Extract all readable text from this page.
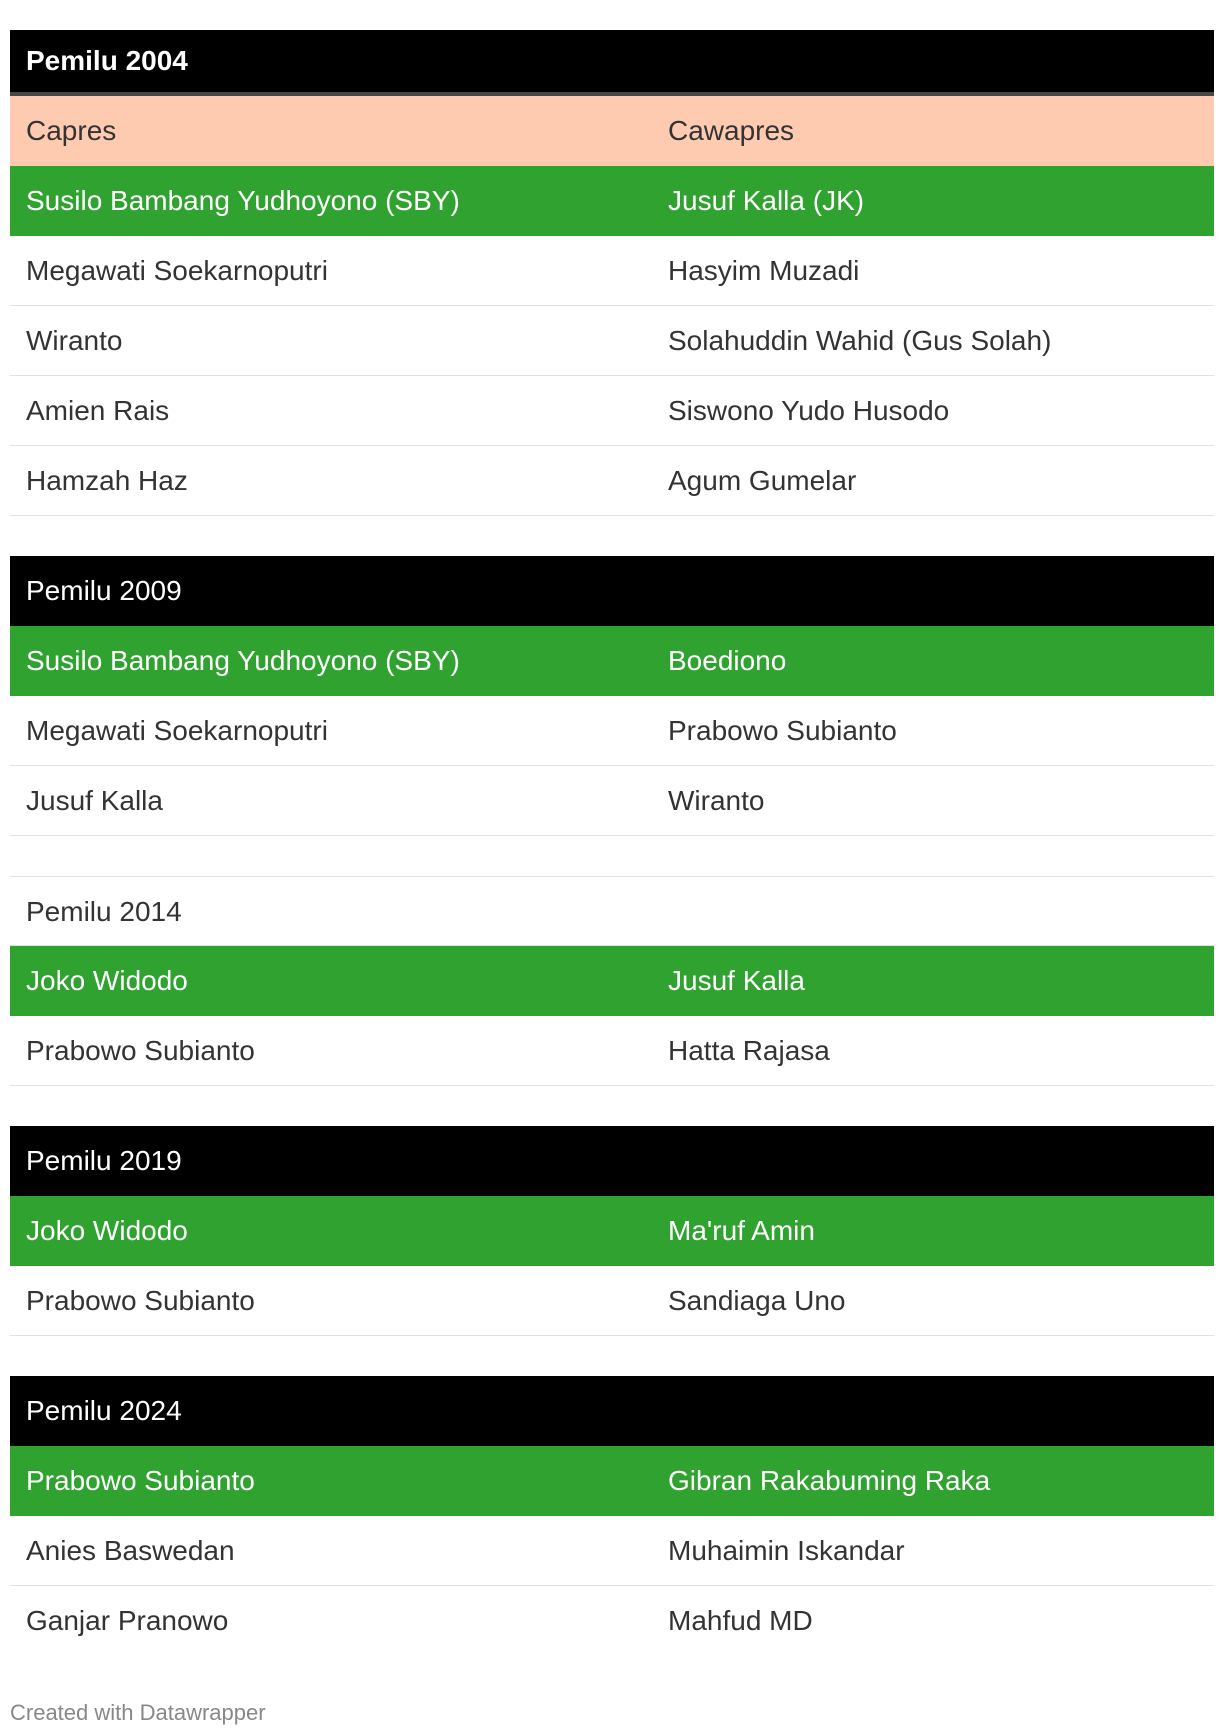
Pemilu 2004
Capres	Cawapres
Susilo Bambang Yudhoyono (SBY)	Jusuf Kalla (JK)
Megawati Soekarnoputri	Hasyim Muzadi
Wiranto	Solahuddin Wahid (Gus Solah)
Amien Rais	Siswono Yudo Husodo
Hamzah Haz	Agum Gumelar
Pemilu 2009
Susilo Bambang Yudhoyono (SBY)	Boediono
Megawati Soekarnoputri	Prabowo Subianto
Jusuf Kalla	Wiranto
Pemilu 2014
Joko Widodo	Jusuf Kalla
Prabowo Subianto	Hatta Rajasa
Pemilu 2019
Joko Widodo	Ma'ruf Amin
Prabowo Subianto	Sandiaga Uno
Pemilu 2024
Prabowo Subianto	Gibran Rakabuming Raka
Anies Baswedan	Muhaimin Iskandar
Ganjar Pranowo	Mahfud MD
Created with Datawrapper
